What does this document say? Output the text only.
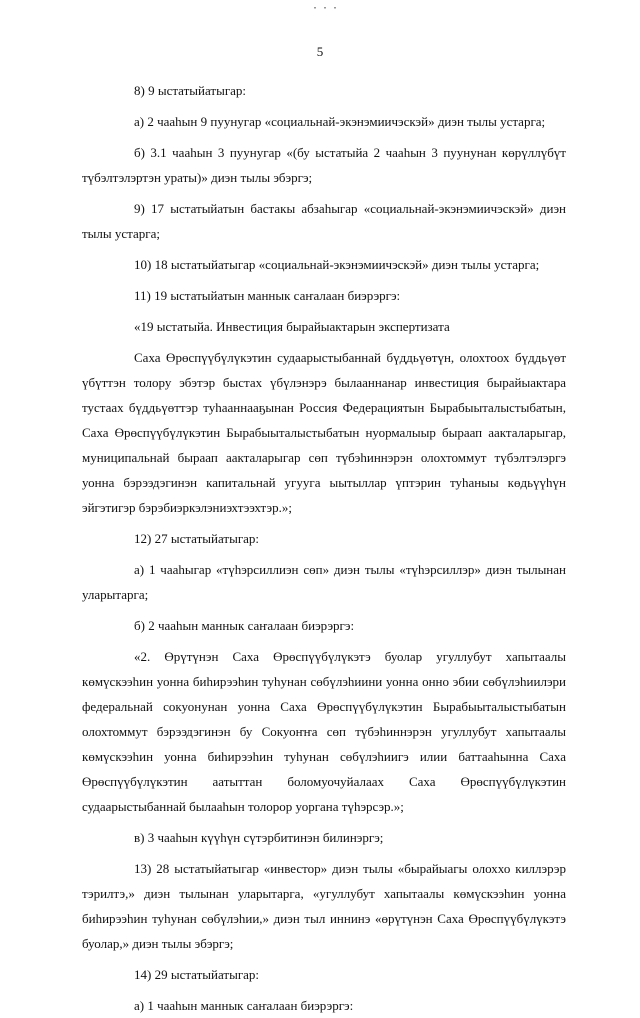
5

8) 9 ыстатыйатыгар:

а) 2 чааһын 9 пуунугар «социальнай-экэнэмиичэскэй» диэн тылы устарга;

б) 3.1 чааһын 3 пуунугар «(бу ыстатыйа 2 чааһын 3 пуунунан көрүллүбүт түбэлтэлэртэн ураты)» диэн тылы эбэргэ;

9) 17 ыстатыйатын бастакы абзаһыгар «социальнай-экэнэмиичэскэй» диэн тылы устарга;

10) 18 ыстатыйатыгар «социальнай-экэнэмиичэскэй» диэн тылы устарга;

11) 19 ыстатыйатын маннык саҥалаан биэрэргэ:

«19 ыстатыйа. Инвестиция бырайыактарын экспертизата

Саха Өрөспүүбүлүкэтин судаарыстыбаннай бүддьүөтүн, олохтоох бүддьүөт үбүттэн толору эбэтэр быстах үбүлэнэрэ былааннанар инвестиция бырайыактара тустаах бүддьүөттэр туһааннааҕынан Россия Федерациятын Бырабыыталыстыбатын, Саха Өрөспүүбүлүкэтин Бырабыыталыстыбатын нуормалыыр быраап аакталарыгар, муниципальнай быраап аакталарыгар сөп түбэһиннэрэн олохтоммут түбэлтэлэргэ уонна бэрээдэгинэн капитальнай угууга ыытыллар үптэрин туһаныы көдьүүһүн эйгэтигэр бэрэбиэркэлэниэхтээхтэр.»;

12) 27 ыстатыйатыгар:

а) 1 чааһыгар «түһэрсиллиэн сөп» диэн тылы «түһэрсиллэр» диэн тылынан уларытарга;

б) 2 чааһын маннык саҥалаан биэрэргэ:

«2. Өрүтүнэн Саха Өрөспүүбүлүкэтэ буолар угуллубут хапытаалы көмүскээһин уонна биһирээһин туһунан сөбүлэһиини уонна онно эбии сөбүлэһиилэри федеральнай сокуонунан уонна Саха Өрөспүүбүлүкэтин Бырабыыталыстыбатын олохтоммут бэрээдэгинэн бу Сокуоҥҥа сөп түбэһиннэрэн угуллубут хапытаалы көмүскээһин уонна биһирээһин туһунан сөбүлэһиигэ илии баттааһынна Саха Өрөспүүбүлүкэтин аатыттан боломуочуйалаах Саха Өрөспүүбүлүкэтин судаарыстыбаннай былааһын толорор уоргана түһэрсэр.»;

в) 3 чааһын күүһүн сүтэрбитинэн билинэргэ;

13) 28 ыстатыйатыгар «инвестор» диэн тылы «бырайыагы олоххо киллэрэр тэрилтэ,» диэн тылынан уларытарга, «угуллубут хапытаалы көмүскээһин уонна биһирээһин туһунан сөбүлэһии,» диэн тыл иннинэ «өрүтүнэн Саха Өрөспүүбүлүкэтэ буолар,» диэн тылы эбэргэ;

14) 29 ыстатыйатыгар:

а) 1 чааһын маннык саҥалаан биэрэргэ:
